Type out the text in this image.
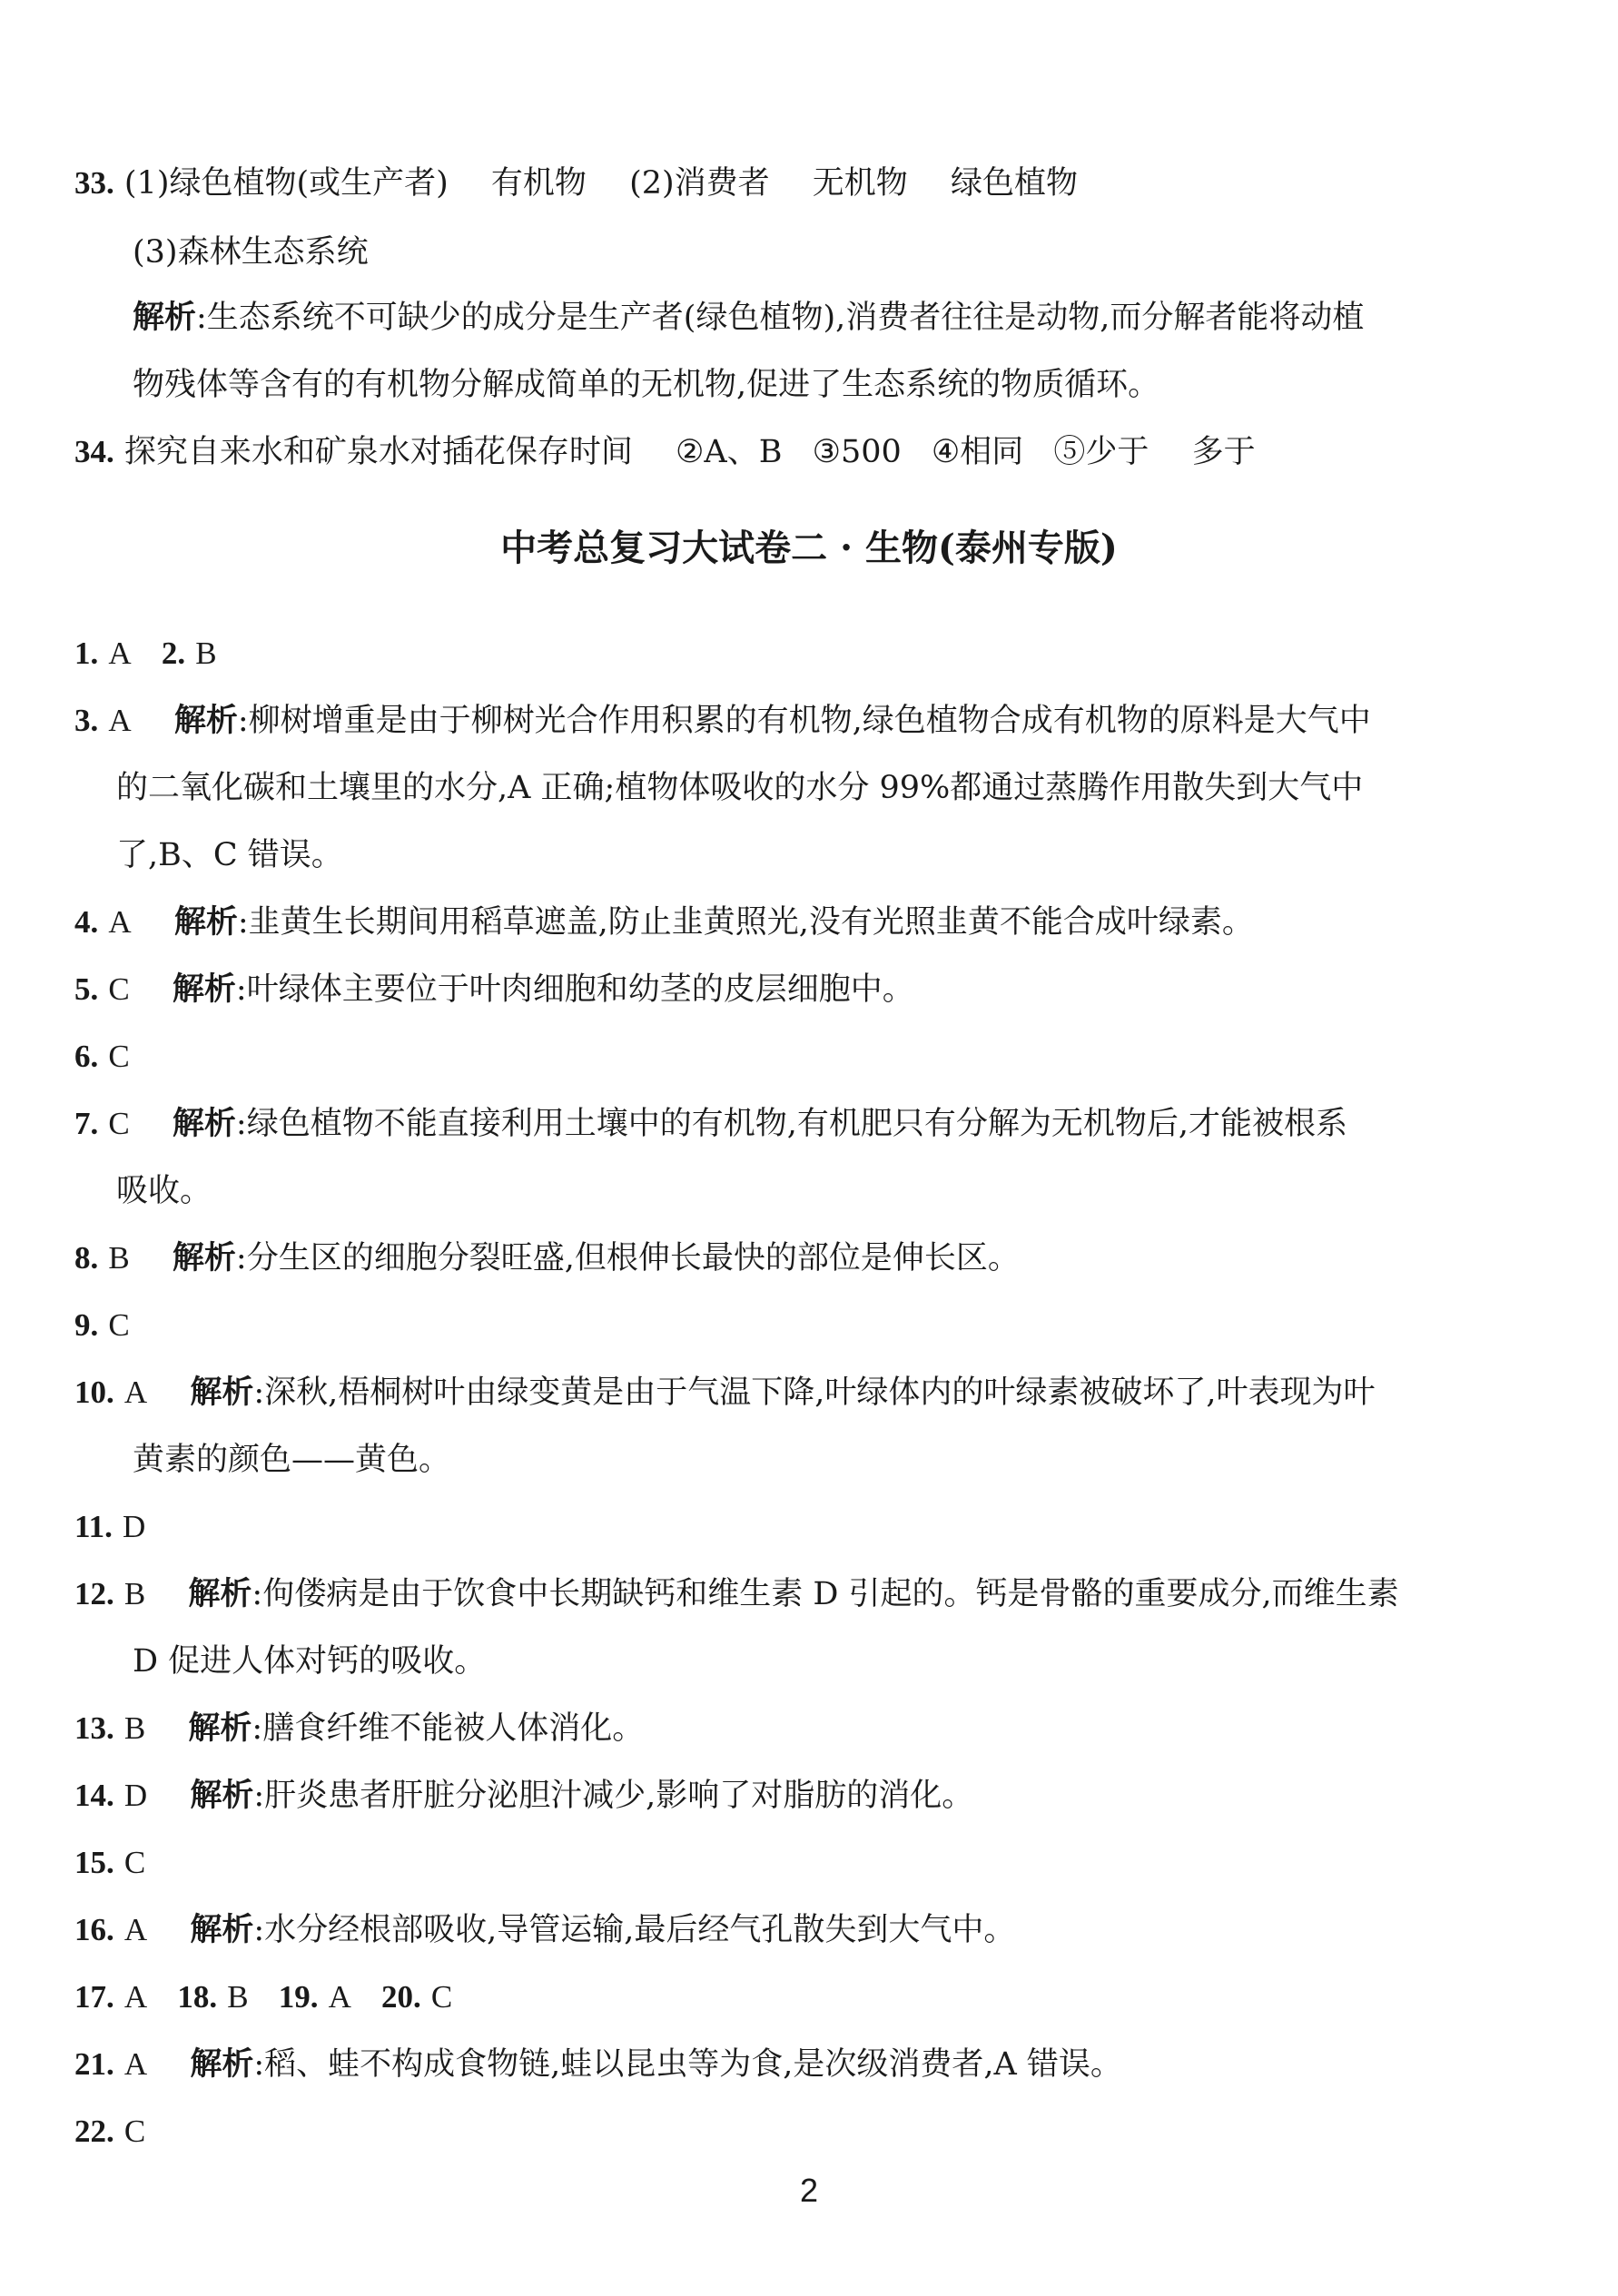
33. (1)绿色植物(或生产者) 有机物 (2)消费者 无机物 绿色植物
(3)森林生态系统
解析:生态系统不可缺少的成分是生产者(绿色植物),消费者往往是动物,而分解者能将动植
物残体等含有的有机物分解成简单的无机物,促进了生态系统的物质循环。
34. 探究自来水和矿泉水对插花保存时间 ②A、B ③500 ④相同 ⑤少于 多于
中考总复习大试卷二 · 生物(泰州专版)
1. A 2. B
3. A 解析:柳树增重是由于柳树光合作用积累的有机物,绿色植物合成有机物的原料是大气中
的二氧化碳和土壤里的水分,A 正确;植物体吸收的水分 99%都通过蒸腾作用散失到大气中
了,B、C 错误。
4. A 解析:韭黄生长期间用稻草遮盖,防止韭黄照光,没有光照韭黄不能合成叶绿素。
5. C 解析:叶绿体主要位于叶肉细胞和幼茎的皮层细胞中。
6. C
7. C 解析:绿色植物不能直接利用土壤中的有机物,有机肥只有分解为无机物后,才能被根系
吸收。
8. B 解析:分生区的细胞分裂旺盛,但根伸长最快的部位是伸长区。
9. C
10. A 解析:深秋,梧桐树叶由绿变黄是由于气温下降,叶绿体内的叶绿素被破坏了,叶表现为叶
黄素的颜色——黄色。
11. D
12. B 解析:佝偻病是由于饮食中长期缺钙和维生素 D 引起的。钙是骨骼的重要成分,而维生素
D 促进人体对钙的吸收。
13. B 解析:膳食纤维不能被人体消化。
14. D 解析:肝炎患者肝脏分泌胆汁减少,影响了对脂肪的消化。
15. C
16. A 解析:水分经根部吸收,导管运输,最后经气孔散失到大气中。
17. A 18. B 19. A 20. C
21. A 解析:稻、蛙不构成食物链,蛙以昆虫等为食,是次级消费者,A 错误。
22. C
2
